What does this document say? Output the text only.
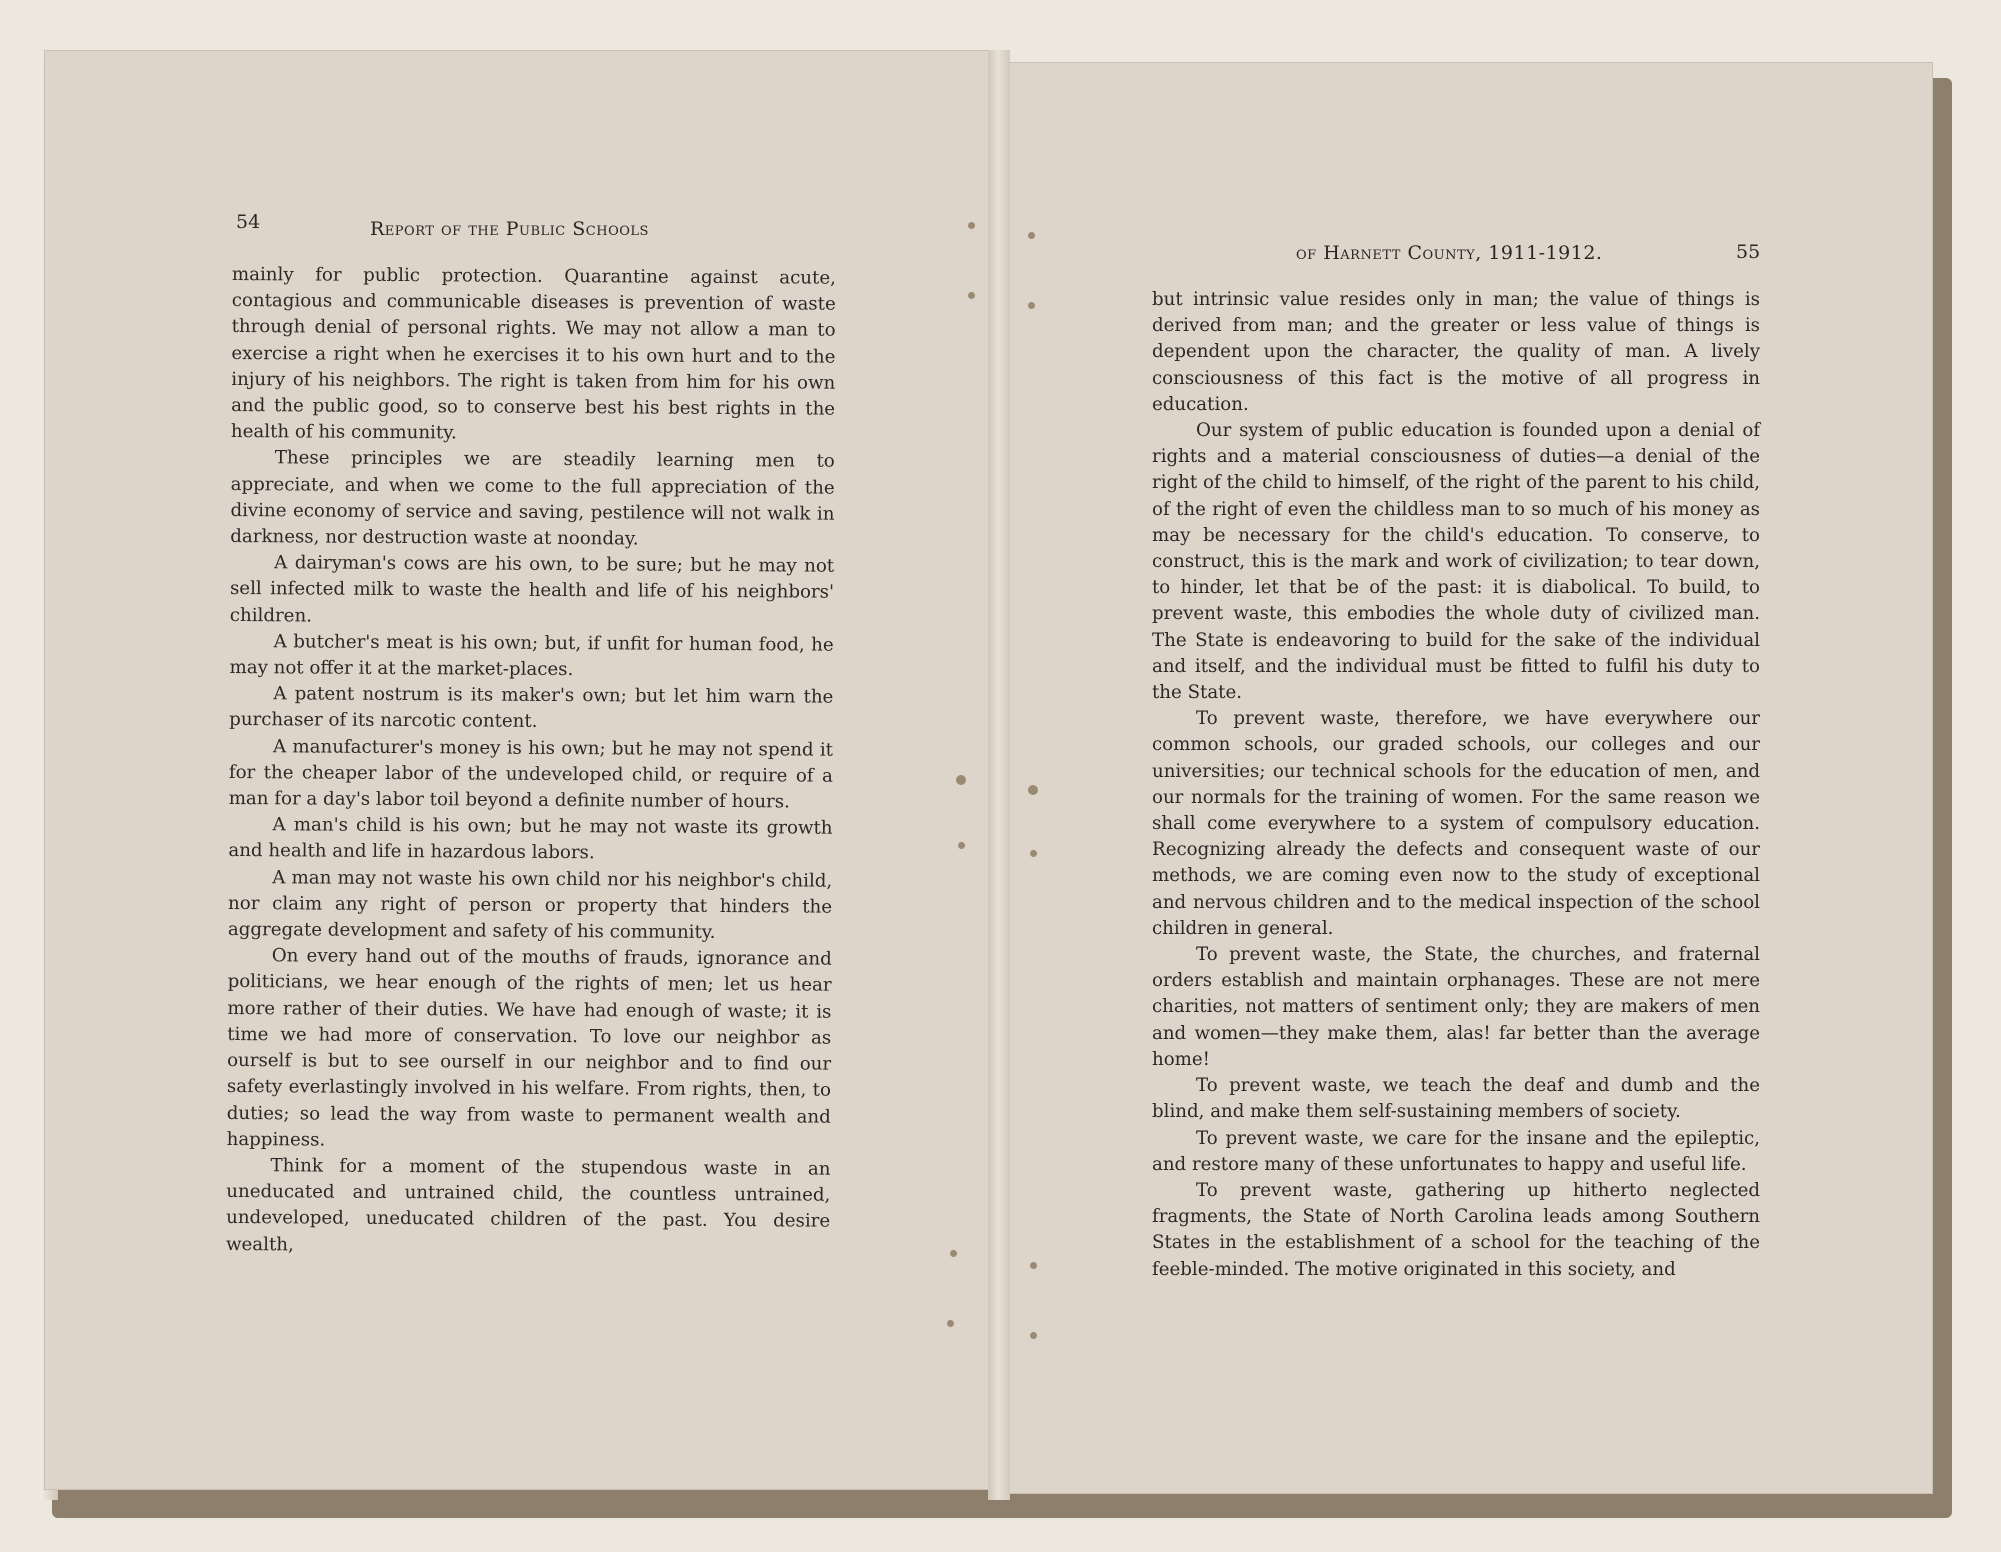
54	Report of the Public Schools

mainly for public protection. Quarantine against acute, contagious and communicable diseases is prevention of waste through denial of personal rights. We may not allow a man to exercise a right when he exercises it to his own hurt and to the injury of his neighbors. The right is taken from him for his own and the public good, so to conserve best his best rights in the health of his community.

These principles we are steadily learning men to appreciate, and when we come to the full appreciation of the divine economy of service and saving, pestilence will not walk in darkness, nor destruction waste at noonday.

A dairyman's cows are his own, to be sure; but he may not sell infected milk to waste the health and life of his neighbors' children.

A butcher's meat is his own; but, if unfit for human food, he may not offer it at the market-places.

A patent nostrum is its maker's own; but let him warn the purchaser of its narcotic content.

A manufacturer's money is his own; but he may not spend it for the cheaper labor of the undeveloped child, or require of a man for a day's labor toil beyond a definite number of hours.

A man's child is his own; but he may not waste its growth and health and life in hazardous labors.

A man may not waste his own child nor his neighbor's child, nor claim any right of person or property that hinders the aggregate development and safety of his community.

On every hand out of the mouths of frauds, ignorance and politicians, we hear enough of the rights of men; let us hear more rather of their duties. We have had enough of waste; it is time we had more of conservation. To love our neighbor as ourself is but to see ourself in our neighbor and to find our safety everlastingly involved in his welfare. From rights, then, to duties; so lead the way from waste to permanent wealth and happiness.

Think for a moment of the stupendous waste in an uneducated and untrained child, the countless untrained, undeveloped, uneducated children of the past. You desire wealth,

of Harnett County, 1911-1912.	55

but intrinsic value resides only in man; the value of things is derived from man; and the greater or less value of things is dependent upon the character, the quality of man. A lively consciousness of this fact is the motive of all progress in education.

Our system of public education is founded upon a denial of rights and a material consciousness of duties—a denial of the right of the child to himself, of the right of the parent to his child, of the right of even the childless man to so much of his money as may be necessary for the child's education. To conserve, to construct, this is the mark and work of civilization; to tear down, to hinder, let that be of the past: it is diabolical. To build, to prevent waste, this embodies the whole duty of civilized man. The State is endeavoring to build for the sake of the individual and itself, and the individual must be fitted to fulfil his duty to the State.

To prevent waste, therefore, we have everywhere our common schools, our graded schools, our colleges and our universities; our technical schools for the education of men, and our normals for the training of women. For the same reason we shall come everywhere to a system of compulsory education. Recognizing already the defects and consequent waste of our methods, we are coming even now to the study of exceptional and nervous children and to the medical inspection of the school children in general.

To prevent waste, the State, the churches, and fraternal orders establish and maintain orphanages. These are not mere charities, not matters of sentiment only; they are makers of men and women—they make them, alas! far better than the average home!

To prevent waste, we teach the deaf and dumb and the blind, and make them self-sustaining members of society.

To prevent waste, we care for the insane and the epileptic, and restore many of these unfortunates to happy and useful life.

To prevent waste, gathering up hitherto neglected fragments, the State of North Carolina leads among Southern States in the establishment of a school for the teaching of the feeble-minded. The motive originated in this society, and
